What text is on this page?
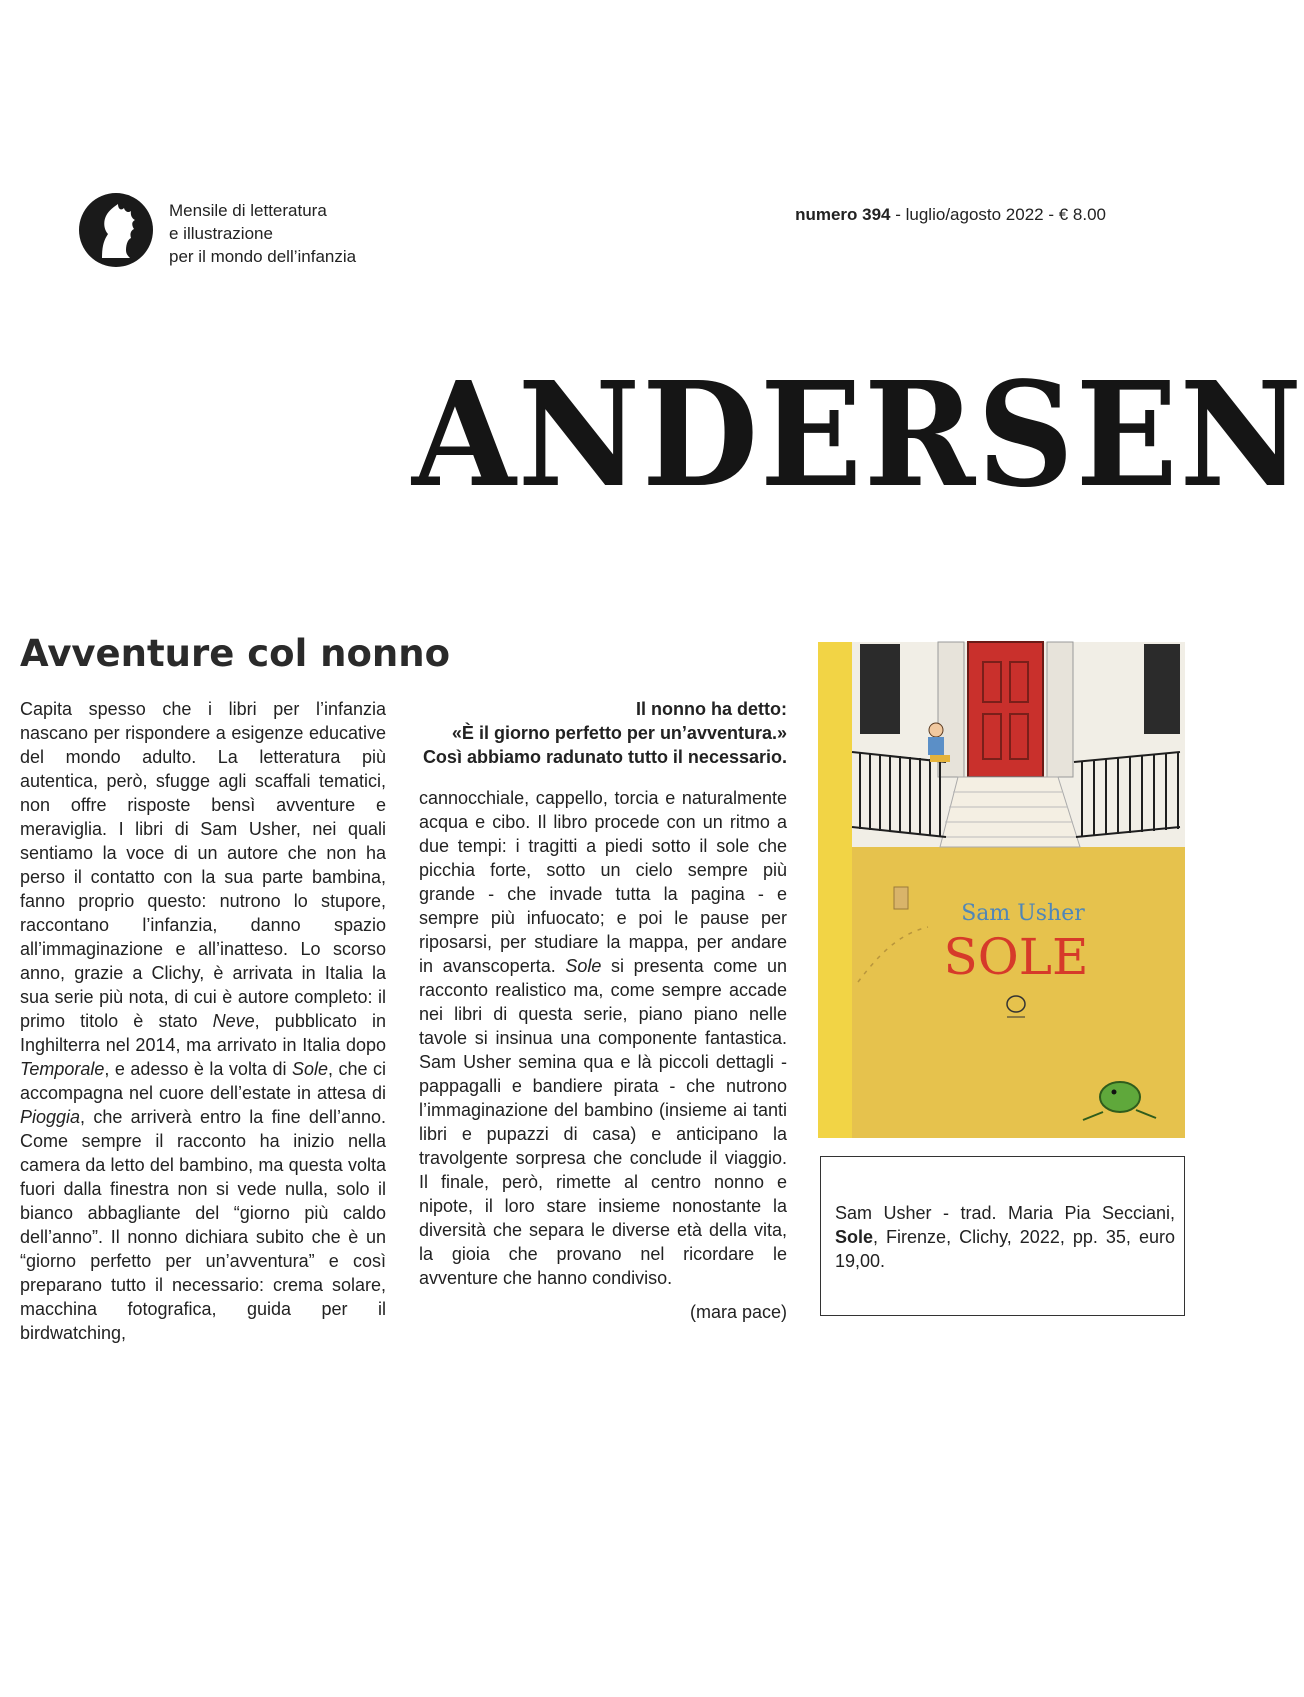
Mensile di letteratura
e illustrazione
per il mondo dell’infanzia
numero 394 - luglio/agosto 2022 - € 8.00
ANDERSEN
Avventure col nonno

Capita spesso che i libri per l’infanzia nascano per rispondere a esigenze educative del mondo adulto. La letteratura più autentica, però, sfugge agli scaffali tematici, non offre risposte bensì avventure e meraviglia. I libri di Sam Usher, nei quali sentiamo la voce di un autore che non ha perso il contatto con la sua parte bambina, fanno proprio questo: nutrono lo stupore, raccontano l’infanzia, danno spazio all’immaginazione e all’inatteso. Lo scorso anno, grazie a Clichy, è arrivata in Italia la sua serie più nota, di cui è autore completo: il primo titolo è stato Neve, pubblicato in Inghilterra nel 2014, ma arrivato in Italia dopo Temporale, e adesso è la volta di Sole, che ci accompagna nel cuore dell’estate in attesa di Pioggia, che arriverà entro la fine dell’anno. Come sempre il racconto ha inizio nella camera da letto del bambino, ma questa volta fuori dalla finestra non si vede nulla, solo il bianco abbagliante del “giorno più caldo dell’anno”. Il nonno dichiara subito che è un “giorno perfetto per un’avventura” e così preparano tutto il necessario: crema solare, macchina fotografica, guida per il birdwatching,

Il nonno ha detto:
«È il giorno perfetto per un’avventura.»
Così abbiamo radunato tutto il necessario.

cannocchiale, cappello, torcia e naturalmente acqua e cibo. Il libro procede con un ritmo a due tempi: i tragitti a piedi sotto il sole che picchia forte, sotto un cielo sempre più grande - che invade tutta la pagina - e sempre più infuocato; e poi le pause per riposarsi, per studiare la mappa, per andare in avanscoperta. Sole si presenta come un racconto realistico ma, come sempre accade nei libri di questa serie, piano piano nelle tavole si insinua una componente fantastica. Sam Usher semina qua e là piccoli dettagli - pappagalli e bandiere pirata - che nutrono l’immaginazione del bambino (insieme ai tanti libri e pupazzi di casa) e anticipano la travolgente sorpresa che conclude il viaggio. Il finale, però, rimette al centro nonno e nipote, il loro stare insieme nonostante la diversità che separa le diverse età della vita, la gioia che provano nel ricordare le avventure che hanno condiviso.

(mara pace)
Sam Usher
SOLE

Sam Usher - trad. Maria Pia Secciani, Sole, Firenze, Clichy, 2022, pp. 35, euro 19,00.
